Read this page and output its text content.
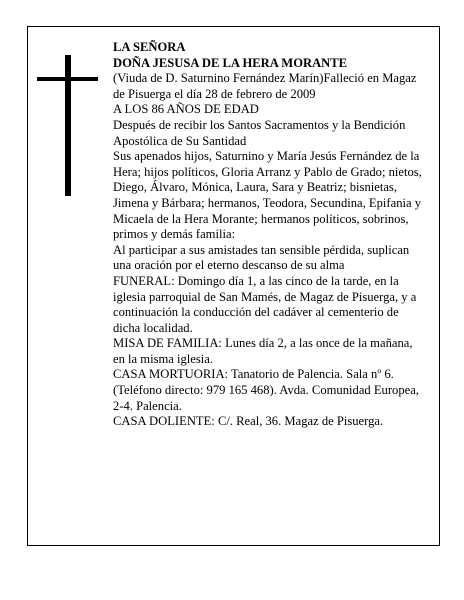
LA SEÑORA

DOÑA JESUSA DE LA HERA MORANTE

(Viuda de D. Saturnino Fernández Marín)Falleció en Magaz de Pisuerga el día 28 de febrero de 2009

A LOS 86 AÑOS DE EDAD

Después de recibir los Santos Sacramentos y la Bendición Apostólica de Su Santidad

Sus apenados hijos, Saturnino y María Jesús Fernández de la Hera; hijos políticos, Gloria Arranz y Pablo de Grado; nietos, Diego, Álvaro, Mónica, Laura, Sara y Beatriz; bisnietas, Jimena y Bárbara; hermanos, Teodora, Secundina, Epifania y Micaela de la Hera Morante; hermanos políticos, sobrinos, primos y demás familia:

Al participar a sus amistades tan sensible pérdida, suplican una oración por el eterno descanso de su alma

FUNERAL: Domingo día 1, a las cinco de la tarde, en la iglesia parroquial de San Mamés, de Magaz de Pisuerga, y a continuación la conducción del cadáver al cementerio de dicha localidad.

MISA DE FAMILIA: Lunes día 2, a las once de la mañana, en la misma iglesia.

CASA MORTUORIA: Tanatorio de Palencia. Sala nº 6.

(Teléfono directo: 979 165 468). Avda. Comunidad Europea, 2-4. Palencia.

CASA DOLIENTE: C/. Real, 36. Magaz de Pisuerga.
